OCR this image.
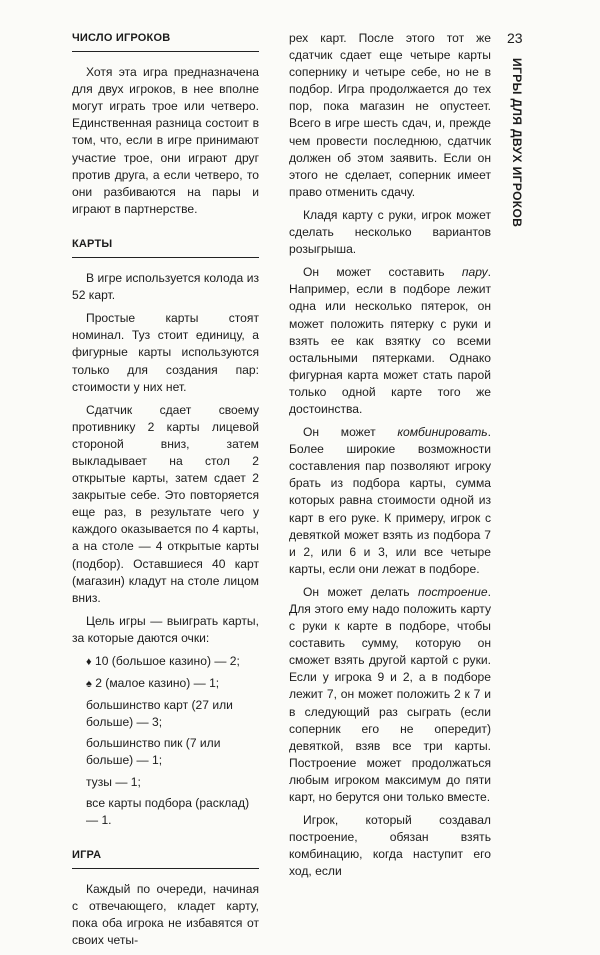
ЧИСЛО ИГРОКОВ

Хотя эта игра предназначена для двух игроков, в нее вполне могут играть трое или четверо. Единственная разница состоит в том, что, если в игре принимают участие трое, они играют друг против друга, а если четверо, то они разбиваются на пары и играют в партнерстве.

КАРТЫ

В игре используется колода из 52 карт.

Простые карты стоят номинал. Туз стоит единицу, а фигурные карты используются только для создания пар: стоимости у них нет.

Сдатчик сдает своему противнику 2 карты лицевой стороной вниз, затем выкладывает на стол 2 открытые карты, затем сдает 2 закрытые себе. Это повторяется еще раз, в результате чего у каждого оказывается по 4 карты, а на столе — 4 открытые карты (подбор). Оставшиеся 40 карт (магазин) кладут на столе лицом вниз.

Цель игры — выиграть карты, за которые даются очки:

♦ 10 (большое казино) — 2;

♠ 2 (малое казино) — 1;

большинство карт (27 или больше) — 3;

большинство пик (7 или больше) — 1;

тузы — 1;

все карты подбора (расклад) — 1.

ИГРА

Каждый по очереди, начиная с отвечающего, кладет карту, пока оба игрока не избавятся от своих четы-

рех карт. После этого тот же сдатчик сдает еще четыре карты сопернику и четыре себе, но не в подбор. Игра продолжается до тех пор, пока магазин не опустеет. Всего в игре шесть сдач, и, прежде чем провести последнюю, сдатчик должен об этом заявить. Если он этого не сделает, соперник имеет право отменить сдачу.

Кладя карту с руки, игрок может сделать несколько вариантов розыгрыша.

Он может составить пару. Например, если в подборе лежит одна или несколько пятерок, он может положить пятерку с руки и взять ее как взятку со всеми остальными пятерками. Однако фигурная карта может стать парой только одной карте того же достоинства.

Он может комбинировать. Более широкие возможности составления пар позволяют игроку брать из подбора карты, сумма которых равна стоимости одной из карт в его руке. К примеру, игрок с девяткой может взять из подбора 7 и 2, или 6 и 3, или все четыре карты, если они лежат в подборе.

Он может делать построение. Для этого ему надо положить карту с руки к карте в подборе, чтобы составить сумму, которую он сможет взять другой картой с руки. Если у игрока 9 и 2, а в подборе лежит 7, он может положить 2 к 7 и в следующий раз сыграть (если соперник его не опередит) девяткой, взяв все три карты. Построение может продолжаться любым игроком максимум до пяти карт, но берутся они только вместе.

Игрок, который создавал построение, обязан взять комбинацию, когда наступит его ход, если

23
ИГРЫ ДЛЯ ДВУХ ИГРОКОВ
